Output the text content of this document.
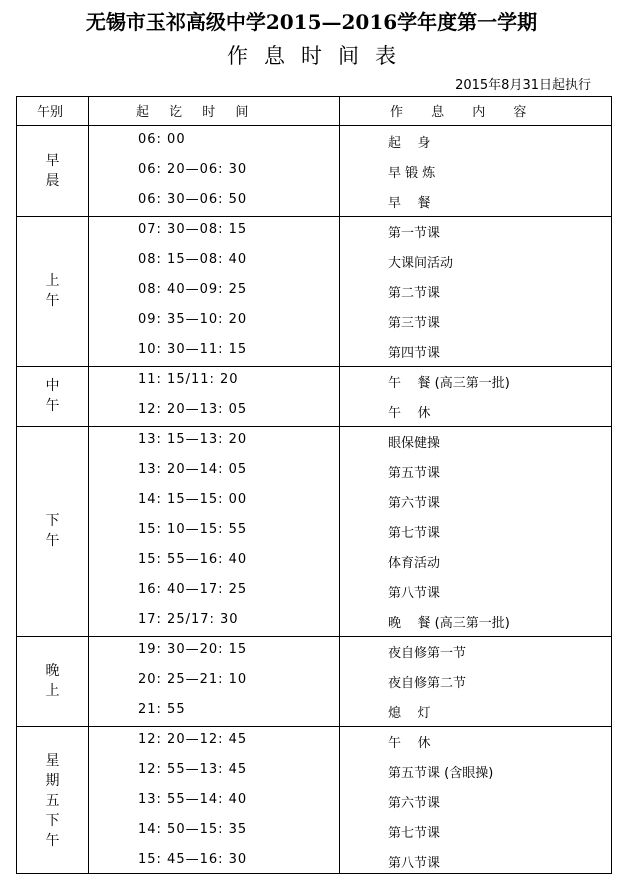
无锡市玉祁高级中学2015—2016学年度第一学期
作息时间表
2015年8月31日起执行
午别	起 讫 时 间	作 息 内 容
早
晨
06: 00	起    身
06: 20—06: 30	早 锻 炼
06: 30—06: 50	早    餐
上
午
07: 30—08: 15	第一节课
08: 15—08: 40	大课间活动
08: 40—09: 25	第二节课
09: 35—10: 20	第三节课
10: 30—11: 15	第四节课
中
午
11: 15/11: 20	午    餐 (高三第一批)
12: 20—13: 05	午    休
下
午
13: 15—13: 20	眼保健操
13: 20—14: 05	第五节课
14: 15—15: 00	第六节课
15: 10—15: 55	第七节课
15: 55—16: 40	体育活动
16: 40—17: 25	第八节课
17: 25/17: 30	晚    餐 (高三第一批)
晚
上
19: 30—20: 15	夜自修第一节
20: 25—21: 10	夜自修第二节
21: 55	熄    灯
星
期
五
下
午
12: 20—12: 45	午    休
12: 55—13: 45	第五节课 (含眼操)
13: 55—14: 40	第六节课
14: 50—15: 35	第七节课
15: 45—16: 30	第八节课
